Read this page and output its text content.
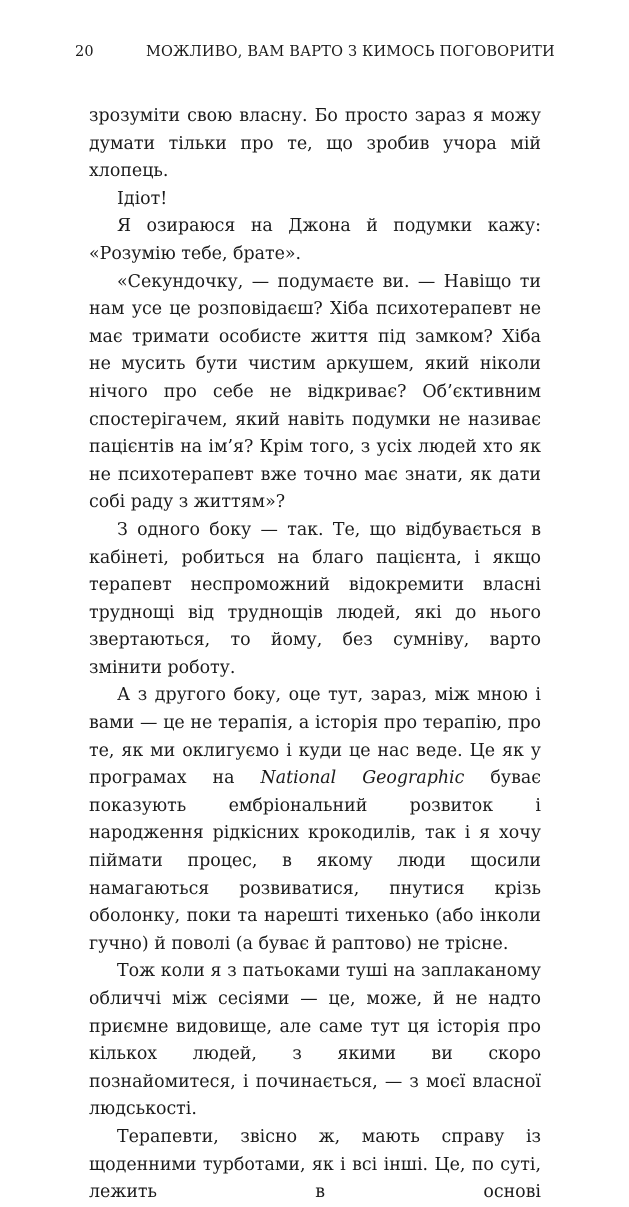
20	МОЖЛИВО, ВАМ ВАРТО З КИМОСЬ ПОГОВОРИТИ

зрозуміти свою власну. Бо просто зараз я можу думати тільки про те, що зробив учора мій хлопець.

Ідіот!

Я озираюся на Джона й подумки кажу: «Розумію тебе, брате».

«Секундочку, — подумаєте ви. — Навіщо ти нам усе це розповідаєш? Хіба психотерапевт не має тримати особисте життя під замком? Хіба не мусить бути чистим аркушем, який ніколи нічого про себе не відкриває? Об’єктивним спостерігачем, який навіть подумки не називає пацієнтів на ім’я? Крім того, з усіх людей хто як не психотерапевт вже точно має знати, як дати собі раду з життям»?

З одного боку — так. Те, що відбувається в кабінеті, робиться на благо пацієнта, і якщо терапевт неспроможний відокремити власні труднощі від труднощів людей, які до нього звертаються, то йому, без сумніву, варто змінити роботу.

А з другого боку, оце тут, зараз, між мною і вами — це не терапія, а історія про терапію, про те, як ми оклигуємо і куди це нас веде. Це як у програмах на National Geographic буває показують ембріональний розвиток і народження рідкісних крокодилів, так і я хочу піймати процес, в якому люди щосили намагаються розвиватися, пнутися крізь оболонку, поки та нарешті тихенько (або інколи гучно) й поволі (а буває й раптово) не трісне.

Тож коли я з патьоками туші на заплаканому обличчі між сесіями — це, може, й не надто приємне видовище, але саме тут ця історія про кількох людей, з якими ви скоро познайомитеся, і починається, — з моєї власної людськості.

Терапевти, звісно ж, мають справу із щоденними турботами, як і всі інші. Це, по суті, лежить в основі
